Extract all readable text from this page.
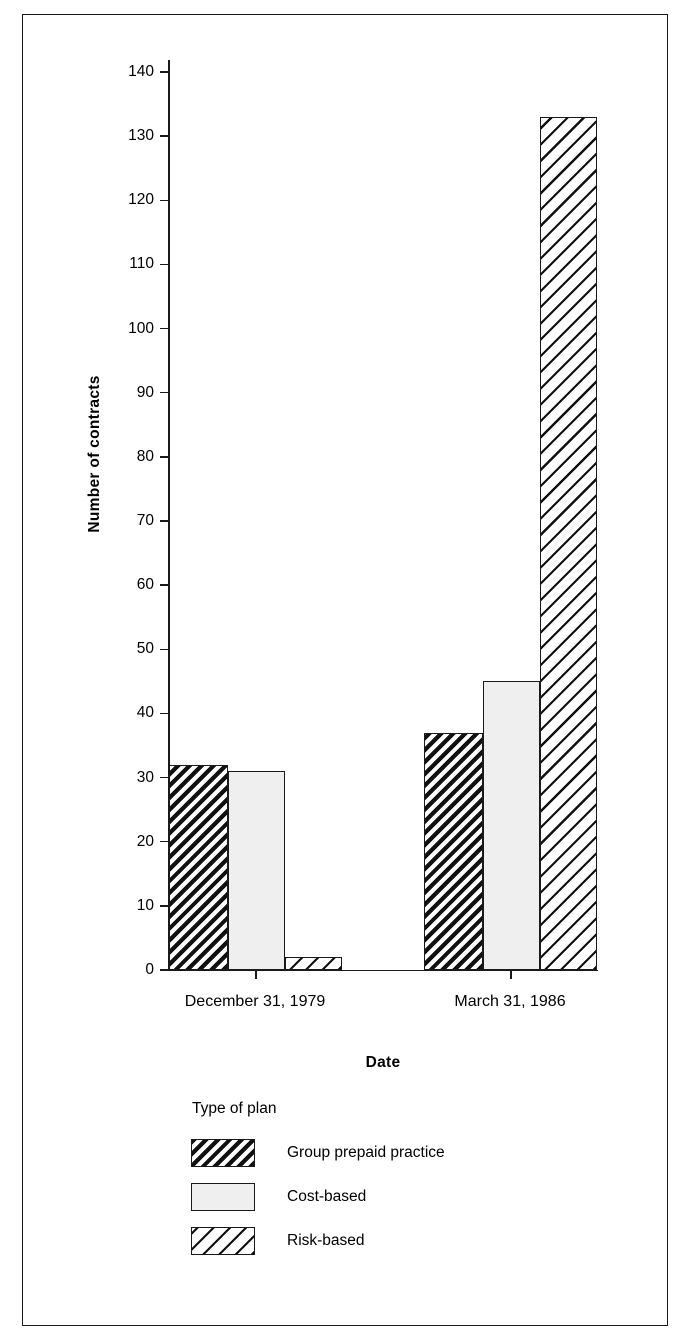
Number of contracts
0
10
20
30
40
50
60
70
80
90
100
110
120
130
140
December 31, 1979	March 31, 1986
Date
Type of plan
Group prepaid practice
Cost-based
Risk-based
